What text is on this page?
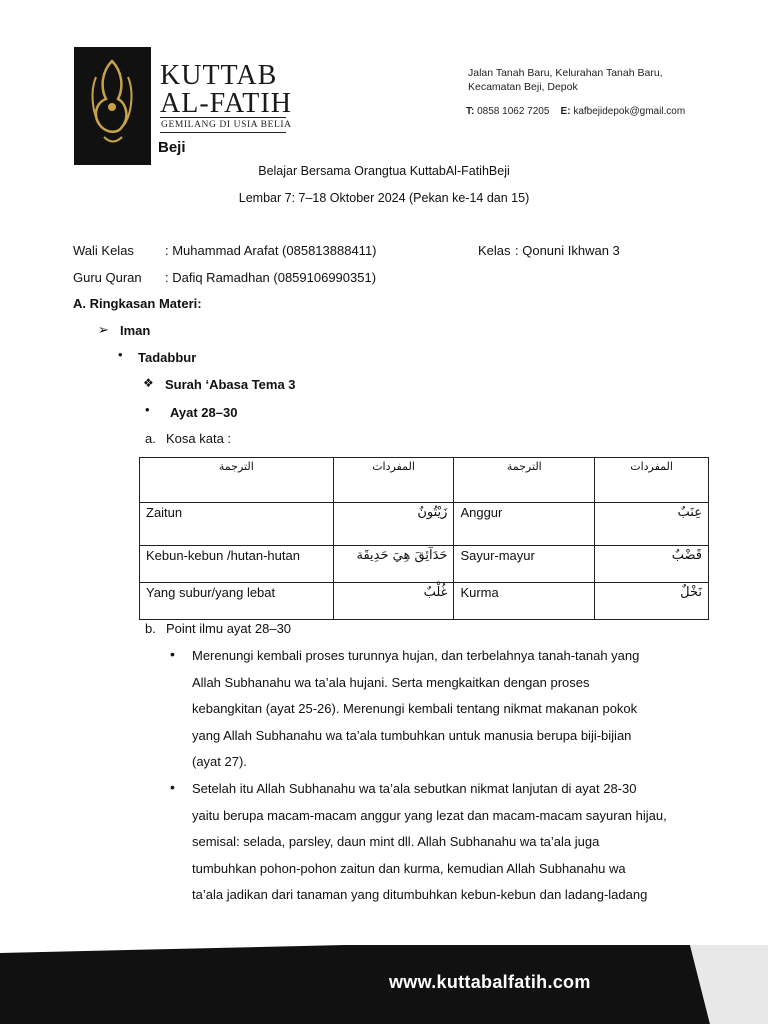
KUTTAB
AL-FATIH
GEMILANG DI USIA BELIA
Beji
Jalan Tanah Baru, Kelurahan Tanah Baru,
Kecamatan Beji, Depok
T: 0858 1062 7205 E: kafbejidepok@gmail.com
Belajar Bersama Orangtua KuttabAl-FatihBeji
Lembar 7: 7–18 Oktober 2024 (Pekan ke-14 dan 15)
Wali Kelas : Muhammad Arafat (085813888411)	Kelas : Qonuni Ikhwan 3
Guru Quran : Dafiq Ramadhan (0859106990351)
A. Ringkasan Materi:
➢ Iman
• Tadabbur
❖ Surah ‘Abasa Tema 3
• Ayat 28–30
a. Kosa kata :
الترجمة	المفردات	الترجمة	المفردات
Zaitun	زَيْتُونٌ	Anggur	عِنَبٌ
Kebun-kebun /hutan-hutan	حَدَآئِقَ هِيَ حَدِيقَة	Sayur-mayur	قَضْبٌ
Yang subur/yang lebat	غُلْبٌ	Kurma	نَخْلٌ
b. Point ilmu ayat 28–30
• Merenungi kembali proses turunnya hujan, dan terbelahnya tanah-tanah yang
Allah Subhanahu wa ta’ala hujani. Serta mengkaitkan dengan proses
kebangkitan (ayat 25-26). Merenungi kembali tentang nikmat makanan pokok
yang Allah Subhanahu wa ta’ala tumbuhkan untuk manusia berupa biji-bijian
(ayat 27).
• Setelah itu Allah Subhanahu wa ta’ala sebutkan nikmat lanjutan di ayat 28-30
yaitu berupa macam-macam anggur yang lezat dan macam-macam sayuran hijau,
semisal: selada, parsley, daun mint dll. Allah Subhanahu wa ta’ala juga
tumbuhkan pohon-pohon zaitun dan kurma, kemudian Allah Subhanahu wa
ta’ala jadikan dari tanaman yang ditumbuhkan kebun-kebun dan ladang-ladang
www.kuttabalfatih.com
